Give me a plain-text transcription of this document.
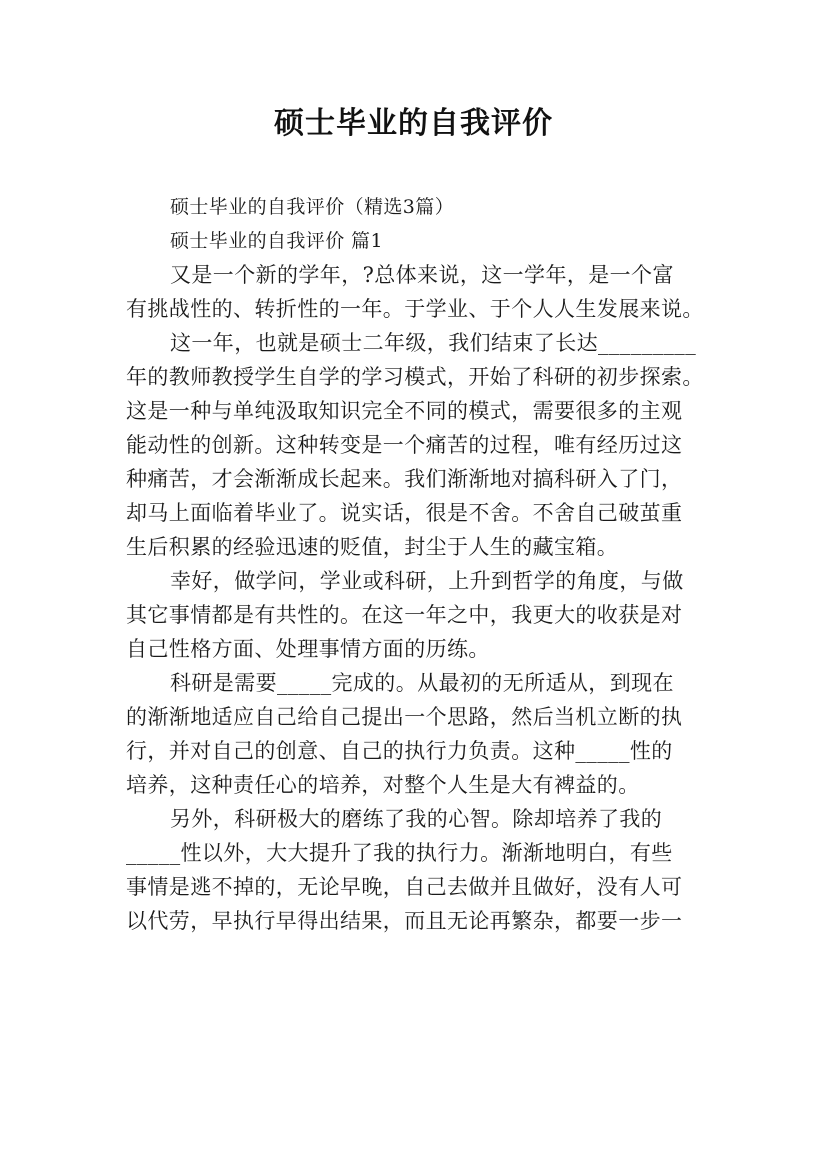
硕士毕业的自我评价
硕士毕业的自我评价（精选3篇）
硕士毕业的自我评价 篇1
又是一个新的学年，?总体来说，这一学年，是一个富
有挑战性的、转折性的一年。于学业、于个人人生发展来说。
这一年，也就是硕士二年级，我们结束了长达_________
年的教师教授学生自学的学习模式，开始了科研的初步探索。
这是一种与单纯汲取知识完全不同的模式，需要很多的主观
能动性的创新。这种转变是一个痛苦的过程，唯有经历过这
种痛苦，才会渐渐成长起来。我们渐渐地对搞科研入了门，
却马上面临着毕业了。说实话，很是不舍。不舍自己破茧重
生后积累的经验迅速的贬值，封尘于人生的藏宝箱。
幸好，做学问，学业或科研，上升到哲学的角度，与做
其它事情都是有共性的。在这一年之中，我更大的收获是对
自己性格方面、处理事情方面的历练。
科研是需要_____完成的。从最初的无所适从，到现在
的渐渐地适应自己给自己提出一个思路，然后当机立断的执
行，并对自己的创意、自己的执行力负责。这种_____性的
培养，这种责任心的培养，对整个人生是大有裨益的。
另外，科研极大的磨练了我的心智。除却培养了我的
_____性以外，大大提升了我的执行力。渐渐地明白，有些
事情是逃不掉的，无论早晚，自己去做并且做好，没有人可
以代劳，早执行早得出结果，而且无论再繁杂，都要一步一
